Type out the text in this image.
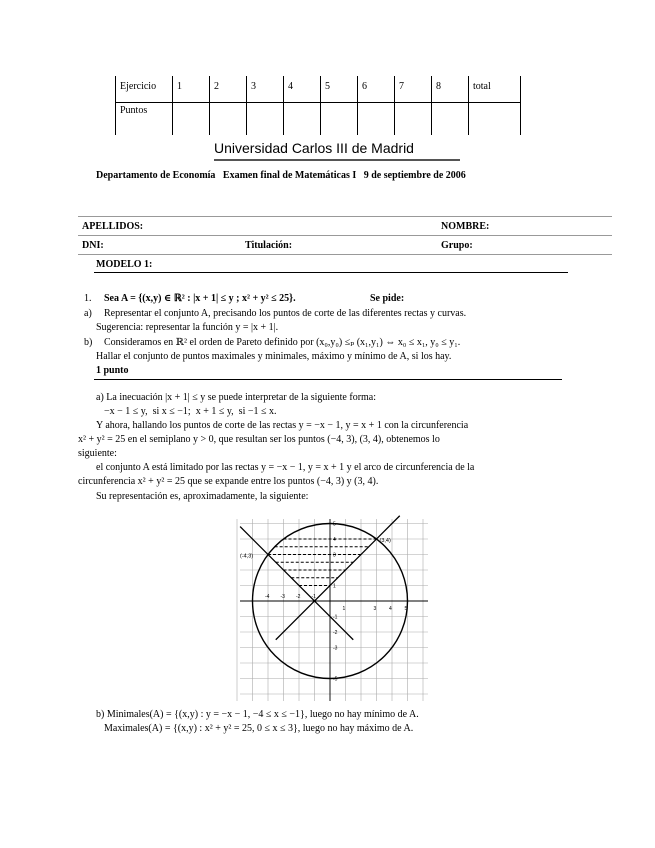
Ejercicio	1	2	3	4	5	6	7	8	total
Puntos									
Universidad Carlos III de Madrid
Departamento de Economía   Examen final de Matemáticas I   9 de septiembre de 2006
APELLIDOS:	NOMBRE:
DNI:	Titulación:	Grupo:
MODELO 1:
1. Sea A = {(x,y) ∈ ℝ² : |x + 1| ≤ y ; x² + y² ≤ 25}.	Se pide:
a) Representar el conjunto A, precisando los puntos de corte de las diferentes rectas y curvas.
Sugerencia: representar la función y = |x + 1|.
b) Consideramos en ℝ² el orden de Pareto definido por (x₀,y₀) ≤ₚ (x₁,y₁) ⇔ x₀ ≤ x₁, y₀ ≤ y₁.
Hallar el conjunto de puntos maximales y minimales, máximo y mínimo de A, si los hay.
1 punto
a) La inecuación |x + 1| ≤ y se puede interpretar de la siguiente forma:
−x − 1 ≤ y,  si x ≤ −1;  x + 1 ≤ y,  si −1 ≤ x.
Y ahora, hallando los puntos de corte de las rectas y = −x − 1, y = x + 1 con la circunferencia
x² + y² = 25 en el semiplano y > 0, que resultan ser los puntos (−4, 3), (3, 4), obtenemos lo
siguiente:
el conjunto A está limitado por las rectas y = −x − 1, y = x + 1 y el arco de circunferencia de la
circunferencia x² + y² = 25 que se expande entre los puntos (−4, 3) y (3, 4).
Su representación es, aproximadamente, la siguiente:
(-4,3)
(3,4)
-4 -3 -2 -1
1	3	4	5
5
4
3
1
-1
-2
-3
-5
b) Minimales(A) = {(x,y) : y = −x − 1, −4 ≤ x ≤ −1}, luego no hay mínimo de A.
Maximales(A) = {(x,y) : x² + y² = 25, 0 ≤ x ≤ 3}, luego no hay máximo de A.
